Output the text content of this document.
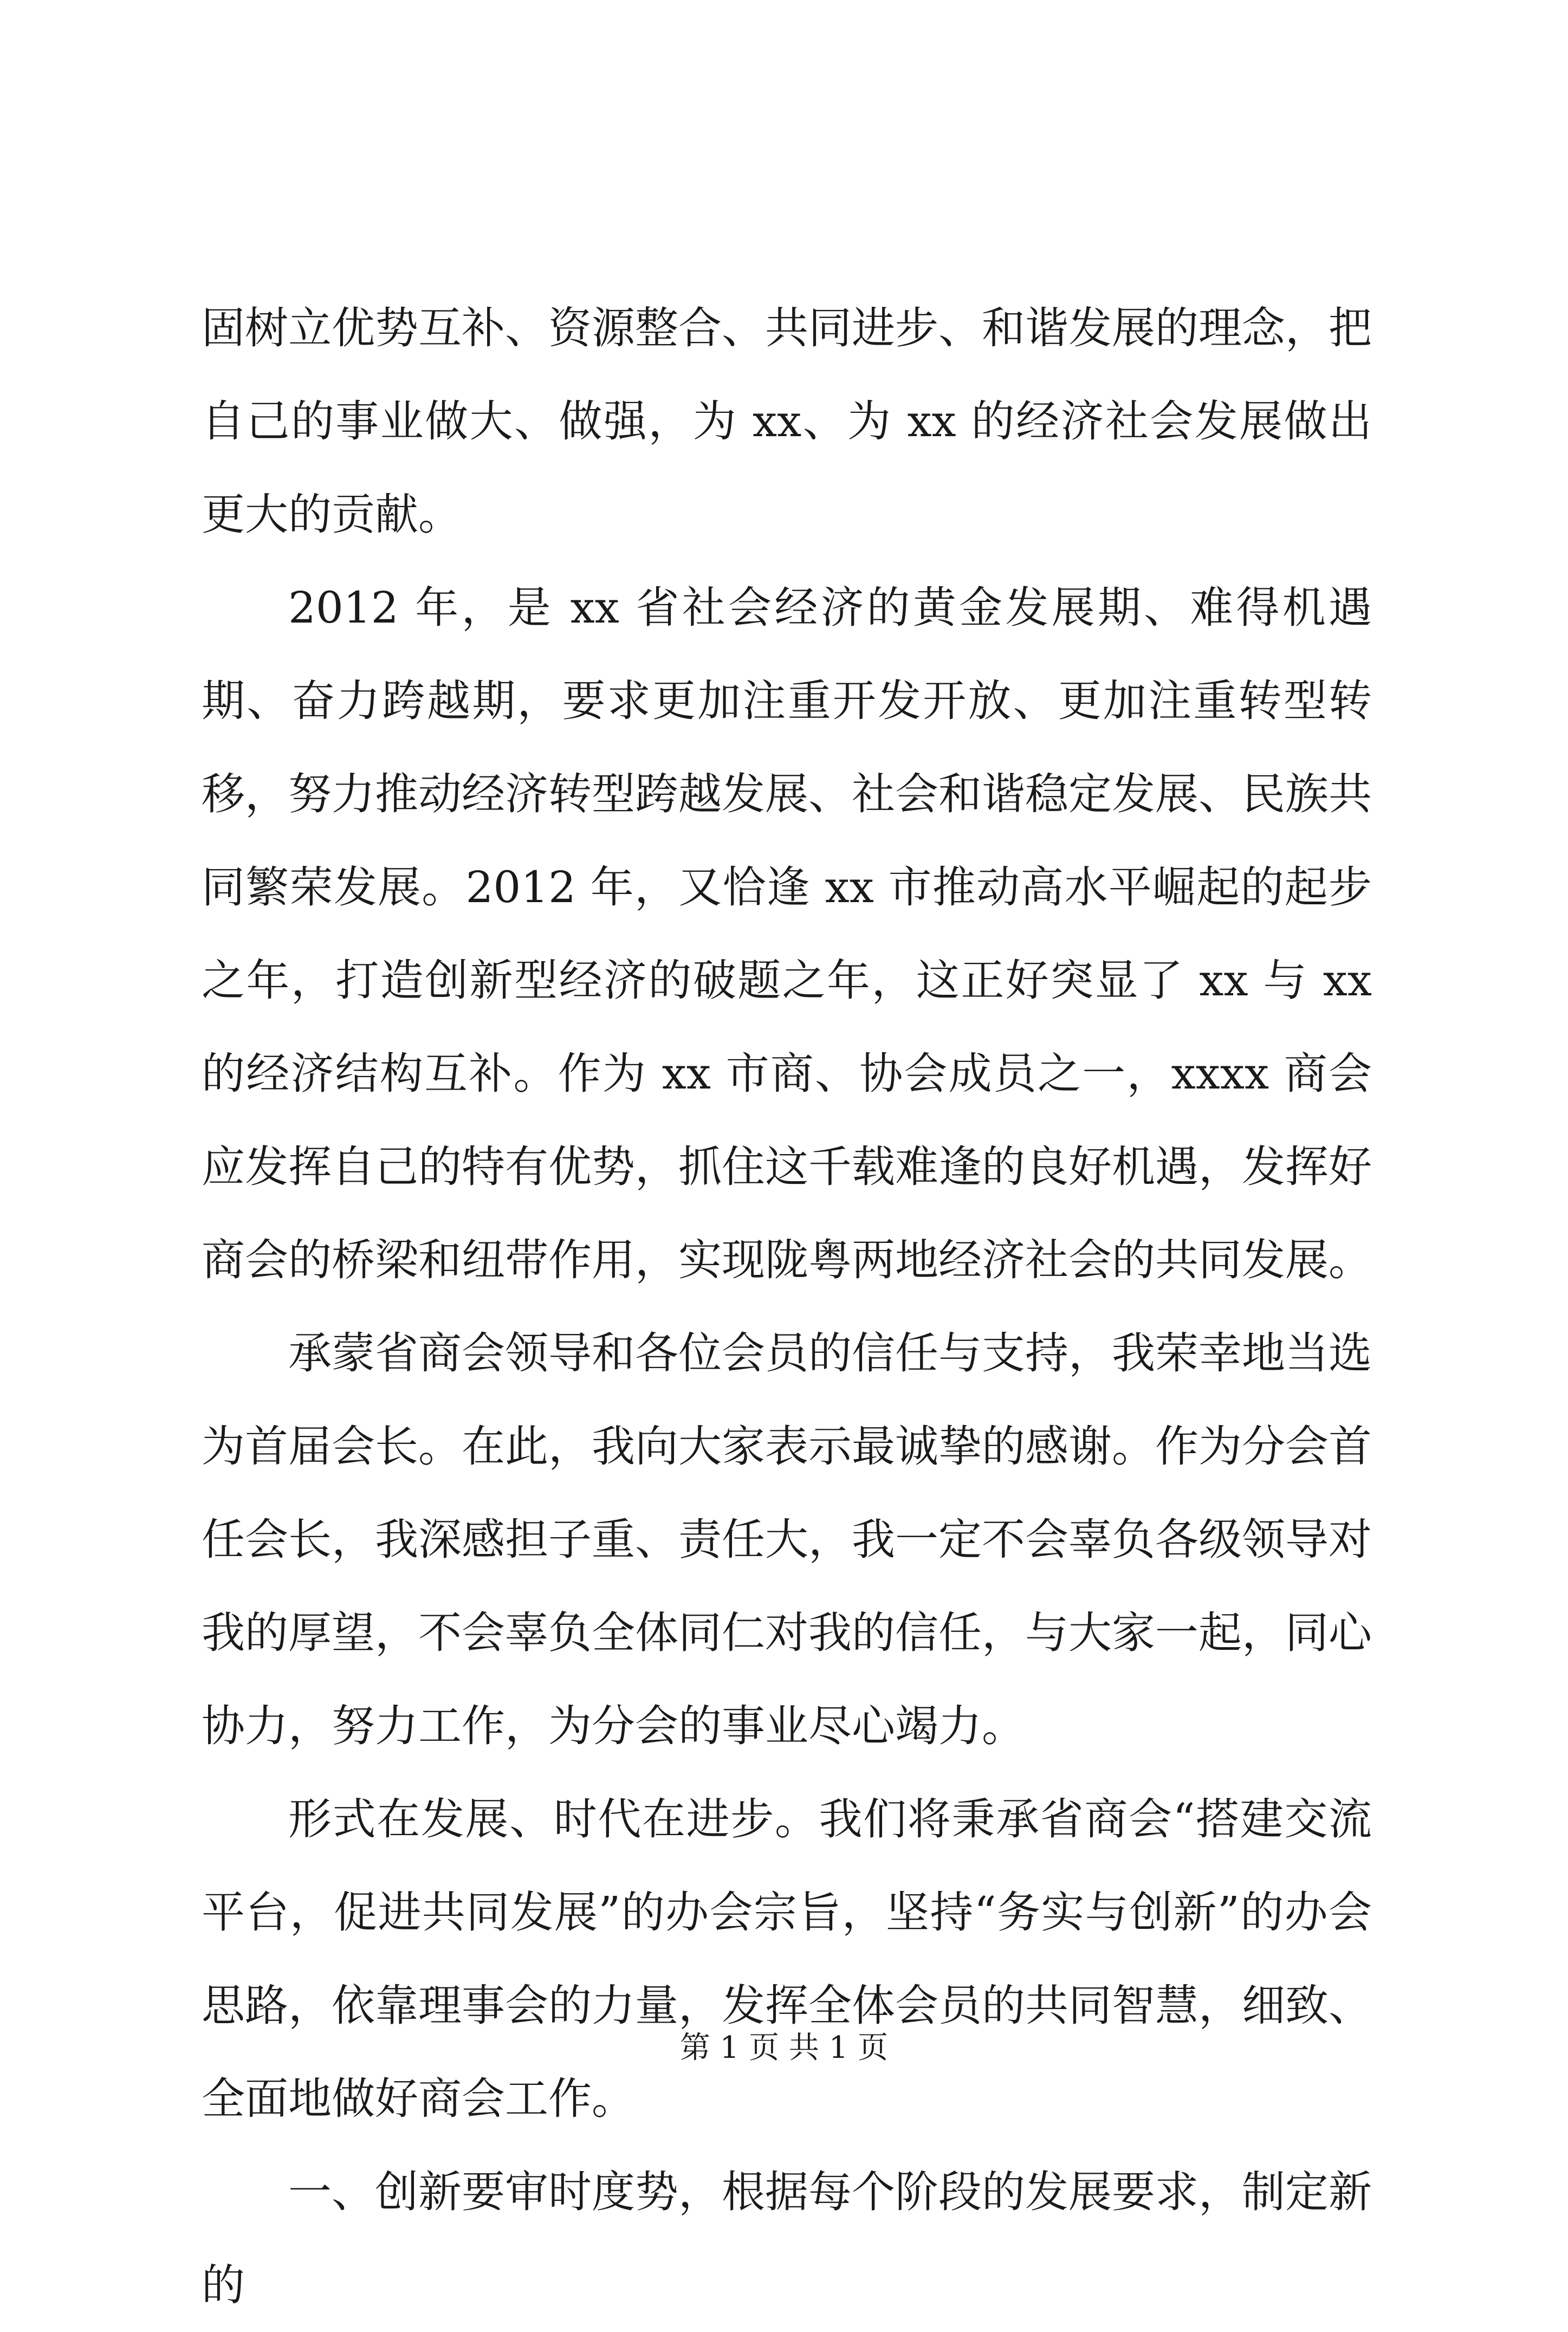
固树立优势互补、资源整合、共同进步、和谐发展的理念，把自己的事业做大、做强，为 xx、为 xx 的经济社会发展做出更大的贡献。

2012 年，是 xx 省社会经济的黄金发展期、难得机遇期、奋力跨越期，要求更加注重开发开放、更加注重转型转移，努力推动经济转型跨越发展、社会和谐稳定发展、民族共同繁荣发展。2012 年，又恰逢 xx 市推动高水平崛起的起步之年，打造创新型经济的破题之年，这正好突显了 xx 与 xx 的经济结构互补。作为 xx 市商、协会成员之一，xxxx 商会应发挥自己的特有优势，抓住这千载难逢的良好机遇，发挥好商会的桥梁和纽带作用，实现陇粤两地经济社会的共同发展。

承蒙省商会领导和各位会员的信任与支持，我荣幸地当选为首届会长。在此，我向大家表示最诚挚的感谢。作为分会首任会长，我深感担子重、责任大，我一定不会辜负各级领导对我的厚望，不会辜负全体同仁对我的信任，与大家一起，同心协力，努力工作，为分会的事业尽心竭力。

形式在发展、时代在进步。我们将秉承省商会“搭建交流平台，促进共同发展”的办会宗旨，坚持“务实与创新”的办会思路，依靠理事会的力量，发挥全体会员的共同智慧，细致、全面地做好商会工作。

一、创新要审时度势，根据每个阶段的发展要求，制定新的

第 1 页 共 1 页
